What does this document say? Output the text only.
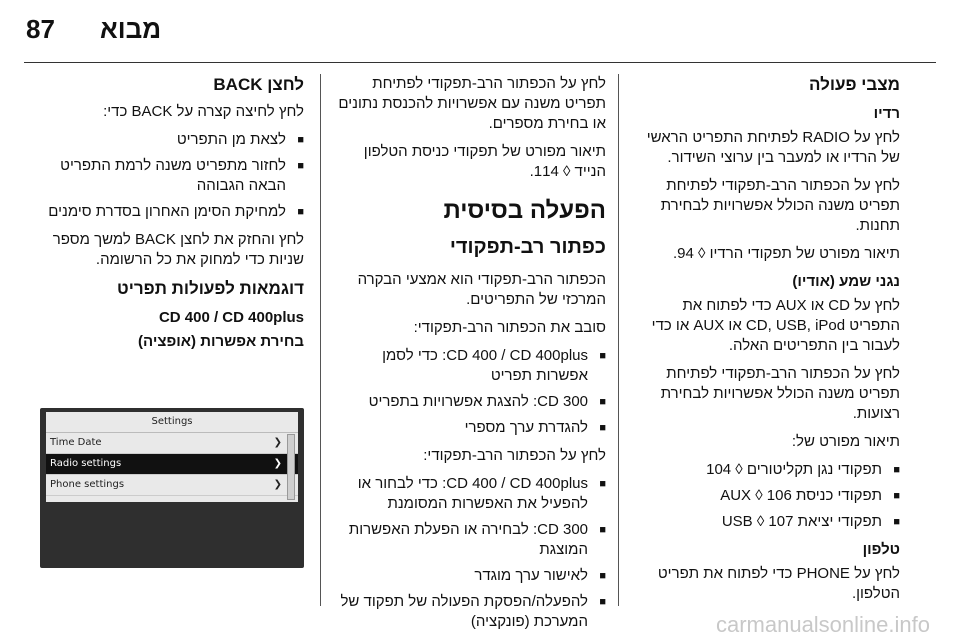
87 מבוא
מצבי פעולה
רדיו

לחץ על RADIO לפתיחת התפריט הראשי של הרדיו או למעבר בין ערוצי השידור.

לחץ על הכפתור הרב-תפקודי לפתיחת תפריט משנה הכולל אפשרויות לבחירת תחנות.

תיאור מפורט של תפקודי הרדיו ◊ 94.

נגני שמע (אודיו)

לחץ על CD או AUX כדי לפתוח את התפריט CD, USB, iPod או AUX או כדי לעבור בין התפריטים האלה.

לחץ על הכפתור הרב-תפקודי לפתיחת תפריט משנה הכולל אפשרויות לבחירת רצועות.

תיאור מפורט של:

■
תפקודי נגן תקליטורים ◊ 104
■
תפקודי כניסת AUX ◊ 106
■
תפקודי יציאת USB ◊ 107
טלפון

לחץ על PHONE כדי לפתוח את תפריט הטלפון.

לחץ על הכפתור הרב-תפקודי לפתיחת תפריט משנה עם אפשרויות להכנסת נתונים או בחירת מספרים.

תיאור מפורט של תפקודי כניסת הטלפון הנייד ◊ 114.

הפעלה בסיסית
כפתור רב-תפקודי

הכפתור הרב-תפקודי הוא אמצעי הבקרה המרכזי של התפריטים.

סובב את הכפתור הרב-תפקודי:

■
CD 400 / CD 400plus: כדי לסמן אפשרות תפריט
■
CD 300: להצגת אפשרויות בתפריט
■
להגדרת ערך מספרי

לחץ על הכפתור הרב-תפקודי:

■
CD 400 / CD 400plus: כדי לבחור או להפעיל את האפשרות המסומנת
■
CD 300: לבחירה או הפעלת האפשרות המוצגת
■
לאישור ערך מוגדר
■
להפעלה/הפסקת הפעולה של תפקוד של המערכת (פונקציה)
לחצן BACK

לחץ לחיצה קצרה על BACK כדי:

■
לצאת מן התפריט
■
לחזור מתפריט משנה לרמת התפריט הבאה הגבוהה
■
למחיקת הסימן האחרון בסדרת סימנים

לחץ והחזק את לחצן BACK למשך מספר שניות כדי למחוק את כל הרשומה.

דוגמאות לפעולות תפריט
CD 400 / CD 400plus
בחירת אפשרות (אופציה)
Settings
Time Date	❯
Radio settings	❯
Phone settings	❯
carmanualsonline.info
